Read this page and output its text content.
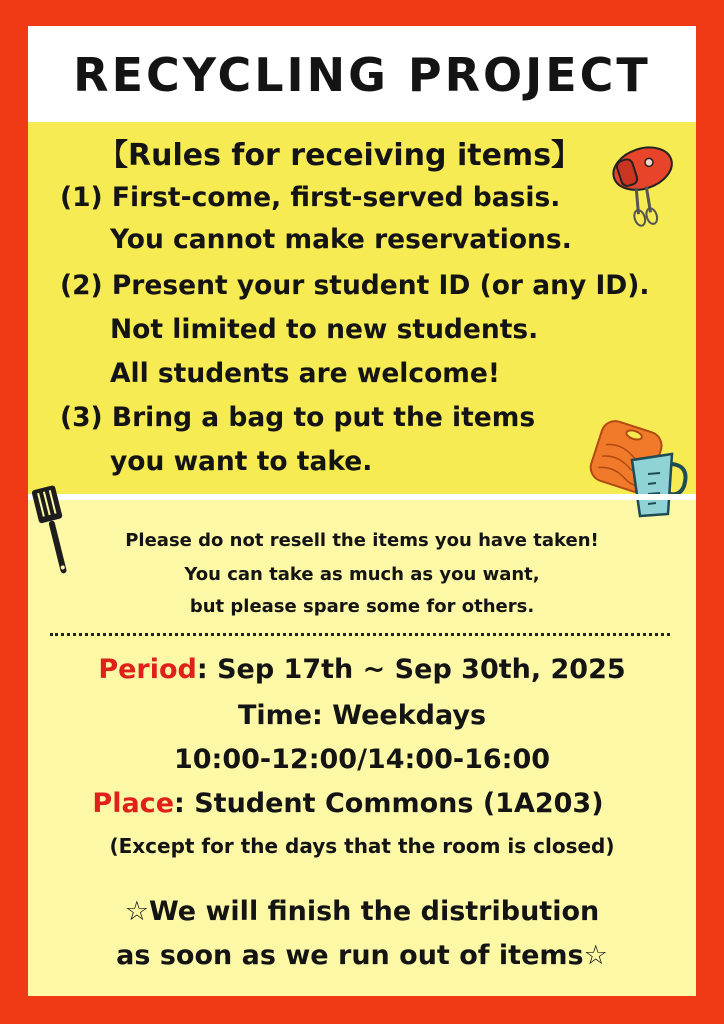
RECYCLING PROJECT
【Rules for receiving items】
(1) First-come, first-served basis.
You cannot make reservations.
(2) Present your student ID (or any ID).
Not limited to new students.
All students are welcome!
(3) Bring a bag to put the items
you want to take.
Please do not resell the items you have taken!
You can take as much as you want,
but please spare some for others.
Period: Sep 17th ~ Sep 30th, 2025
Time: Weekdays
10:00-12:00/14:00-16:00
Place: Student Commons (1A203)
(Except for the days that the room is closed)
☆We will finish the distribution
as soon as we run out of items☆
